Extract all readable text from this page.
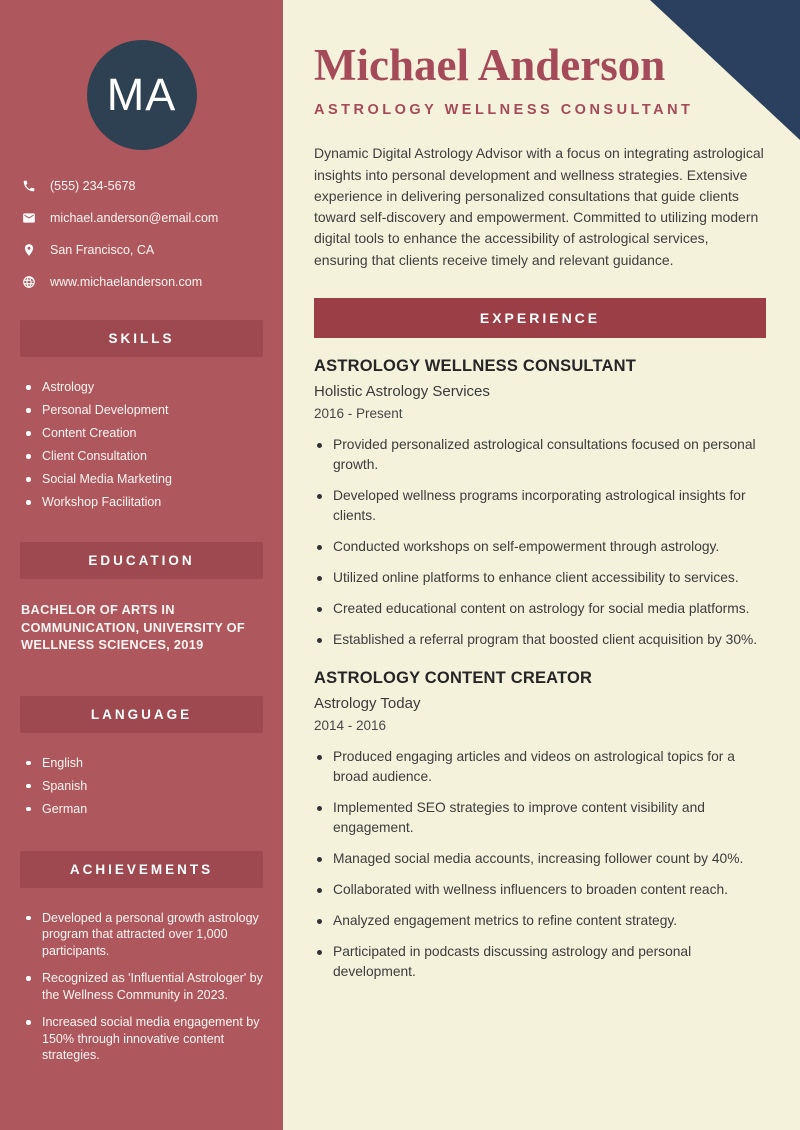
MA
(555) 234-5678
michael.anderson@email.com
San Francisco, CA
www.michaelanderson.com
SKILLS
Astrology
Personal Development
Content Creation
Client Consultation
Social Media Marketing
Workshop Facilitation
EDUCATION

BACHELOR OF ARTS IN COMMUNICATION, UNIVERSITY OF WELLNESS SCIENCES, 2019

LANGUAGE
English
Spanish
German
ACHIEVEMENTS
Developed a personal growth astrology program that attracted over 1,000 participants.
Recognized as 'Influential Astrologer' by the Wellness Community in 2023.
Increased social media engagement by 150% through innovative content strategies.
Michael Anderson
ASTROLOGY WELLNESS CONSULTANT

Dynamic Digital Astrology Advisor with a focus on integrating astrological insights into personal development and wellness strategies. Extensive experience in delivering personalized consultations that guide clients toward self-discovery and empowerment. Committed to utilizing modern digital tools to enhance the accessibility of astrological services, ensuring that clients receive timely and relevant guidance.

EXPERIENCE
ASTROLOGY WELLNESS CONSULTANT
Holistic Astrology Services
2016 - Present
Provided personalized astrological consultations focused on personal growth.
Developed wellness programs incorporating astrological insights for clients.
Conducted workshops on self-empowerment through astrology.
Utilized online platforms to enhance client accessibility to services.
Created educational content on astrology for social media platforms.
Established a referral program that boosted client acquisition by 30%.
ASTROLOGY CONTENT CREATOR
Astrology Today
2014 - 2016
Produced engaging articles and videos on astrological topics for a broad audience.
Implemented SEO strategies to improve content visibility and engagement.
Managed social media accounts, increasing follower count by 40%.
Collaborated with wellness influencers to broaden content reach.
Analyzed engagement metrics to refine content strategy.
Participated in podcasts discussing astrology and personal development.
